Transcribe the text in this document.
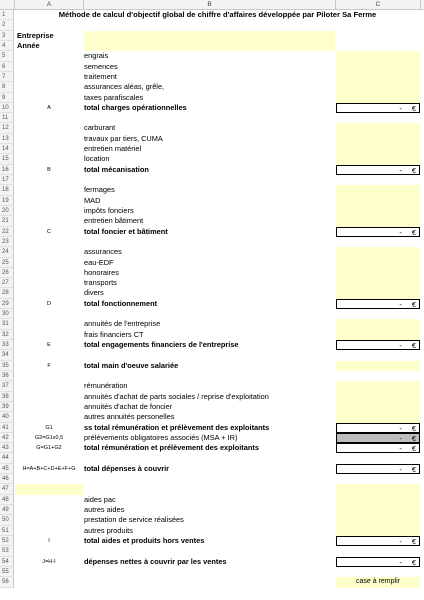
A	B	C
1	Méthode de calcul d'objectif global de chiffre d'affaires développée par Piloter Sa Ferme
2
3	Entreprise
4	Année
5	engrais
6	semences
7	traitement
8	assurances aléas, grêle,
9	taxes parafiscales
10	A	total charges opérationnelles	- €
11
12	carburant
13	travaux par tiers, CUMA
14	entretien matériel
15	location
16	B	total mécanisation	- €
17
18	fermages
19	MAD
20	impôts fonciers
21	entretien bâtiment
22	C	total foncier et bâtiment	- €
23
24	assurances
25	eau-EDF
26	honoraires
27	transports
28	divers
29	D	total fonctionnement	- €
30
31	annuités de l'entreprise
32	frais financiers CT
33	E	total engagements financiers de l'entreprise	- €
34
35	F	total main d'oeuve salariée
36
37	rémunération
38	annuités d'achat de parts sociales / reprise d'exploitation
39	annuités d'achat de foncier
40	autres annuités personelles
41	G1	ss total rémunération et prélèvement des exploitants	- €
42	G2=G1x0,5	prélèvements obligatoires associés (MSA + IR)	- €
43	G=G1+G2	total rémunération et prélèvement des exploitants	- €
44
45	H=A+B+C+D+E+F+G	total dépenses à couvrir	- €
46
47
48	aides pac
49	autres aides
50	prestation de service réalisées
51	autres produits
52	I	total aides et produits hors ventes	- €
53
54	J=H-I	dépenses nettes à couvrir par les ventes	- €
55
56	case à remplir
